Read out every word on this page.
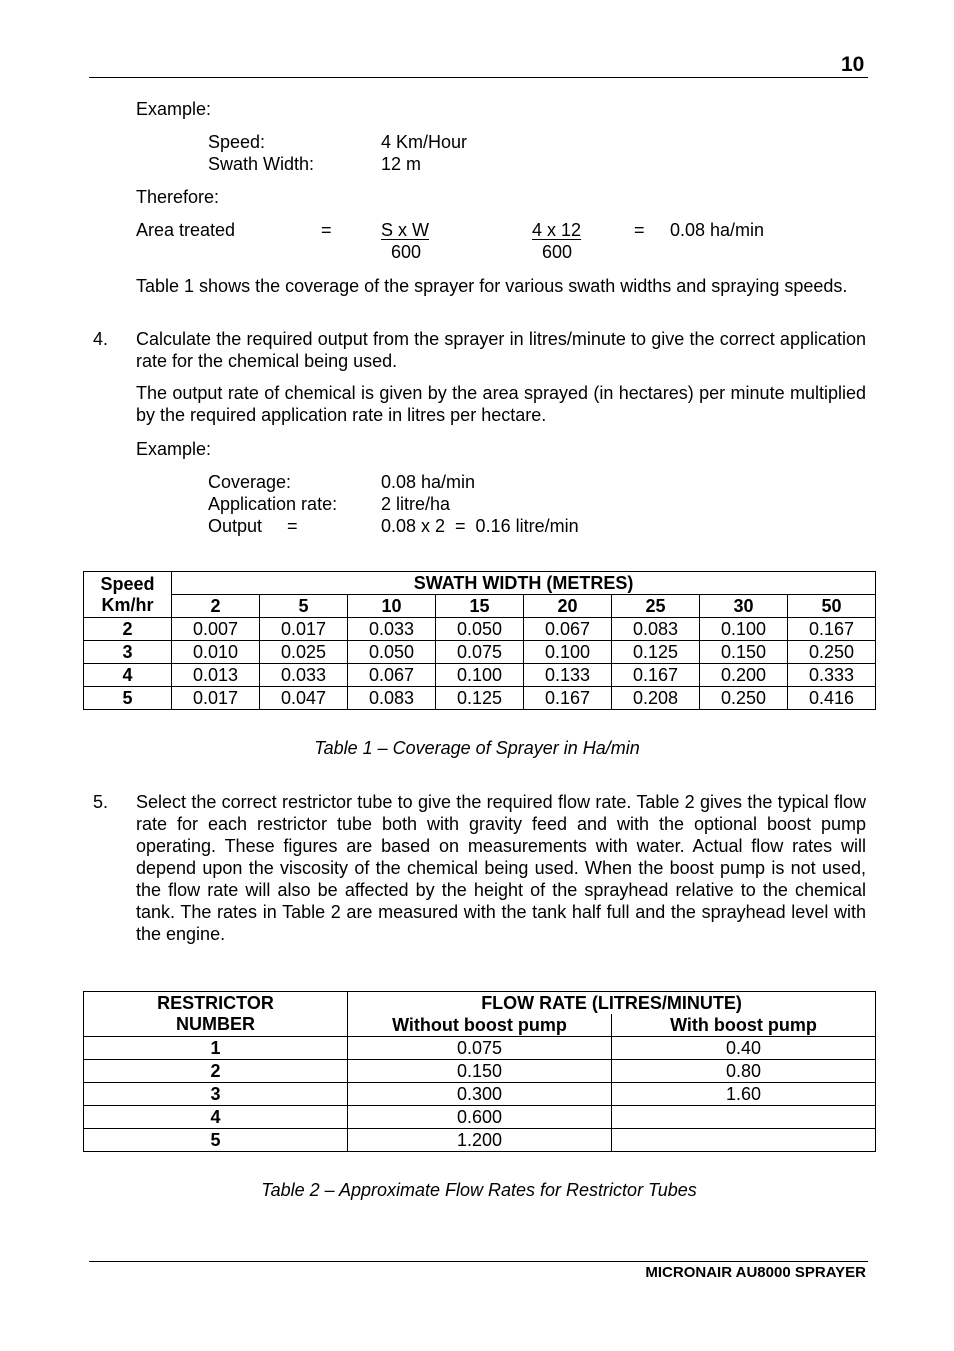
10
Example:
Speed:	4 Km/Hour
Swath Width:	12 m
Therefore:
Area treated	=	S x W
600
4 x 12
600
= 0.08 ha/min
Table 1 shows the coverage of the sprayer for various swath widths and spraying speeds.
4. Calculate the required output from the sprayer in litres/minute to give the correct application rate for the chemical being used.
The output rate of chemical is given by the area sprayed (in hectares) per minute multiplied by the required application rate in litres per hectare.
Example:
Coverage:	0.08 ha/min
Application rate: 2 litre/ha
Output     =	0.08 x 2  =  0.16 litre/min
Speed Km/hr	SWATH WIDTH (METRES)							
	2	5	10	15	20	25	30	50
2	0.007	0.017	0.033	0.050	0.067	0.083	0.100	0.167
3	0.010	0.025	0.050	0.075	0.100	0.125	0.150	0.250
4	0.013	0.033	0.067	0.100	0.133	0.167	0.200	0.333
5	0.017	0.047	0.083	0.125	0.167	0.208	0.250	0.416
Table 1 – Coverage of Sprayer in Ha/min
5. Select the correct restrictor tube to give the required flow rate. Table 2 gives the typical flow rate for each restrictor tube both with gravity feed and with the optional boost pump operating. These figures are based on measurements with water. Actual flow rates will depend upon the viscosity of the chemical being used. When the boost pump is not used, the flow rate will also be affected by the height of the sprayhead relative to the chemical tank. The rates in Table 2 are measured with the tank half full and the sprayhead level with the engine.
RESTRICTOR NUMBER	FLOW RATE (LITRES/MINUTE)	
	Without boost pump	With boost pump
1	0.075	0.40
2	0.150	0.80
3	0.300	1.60
4	0.600	
5	1.200	
Table 2 – Approximate Flow Rates for Restrictor Tubes
MICRONAIR AU8000 SPRAYER
